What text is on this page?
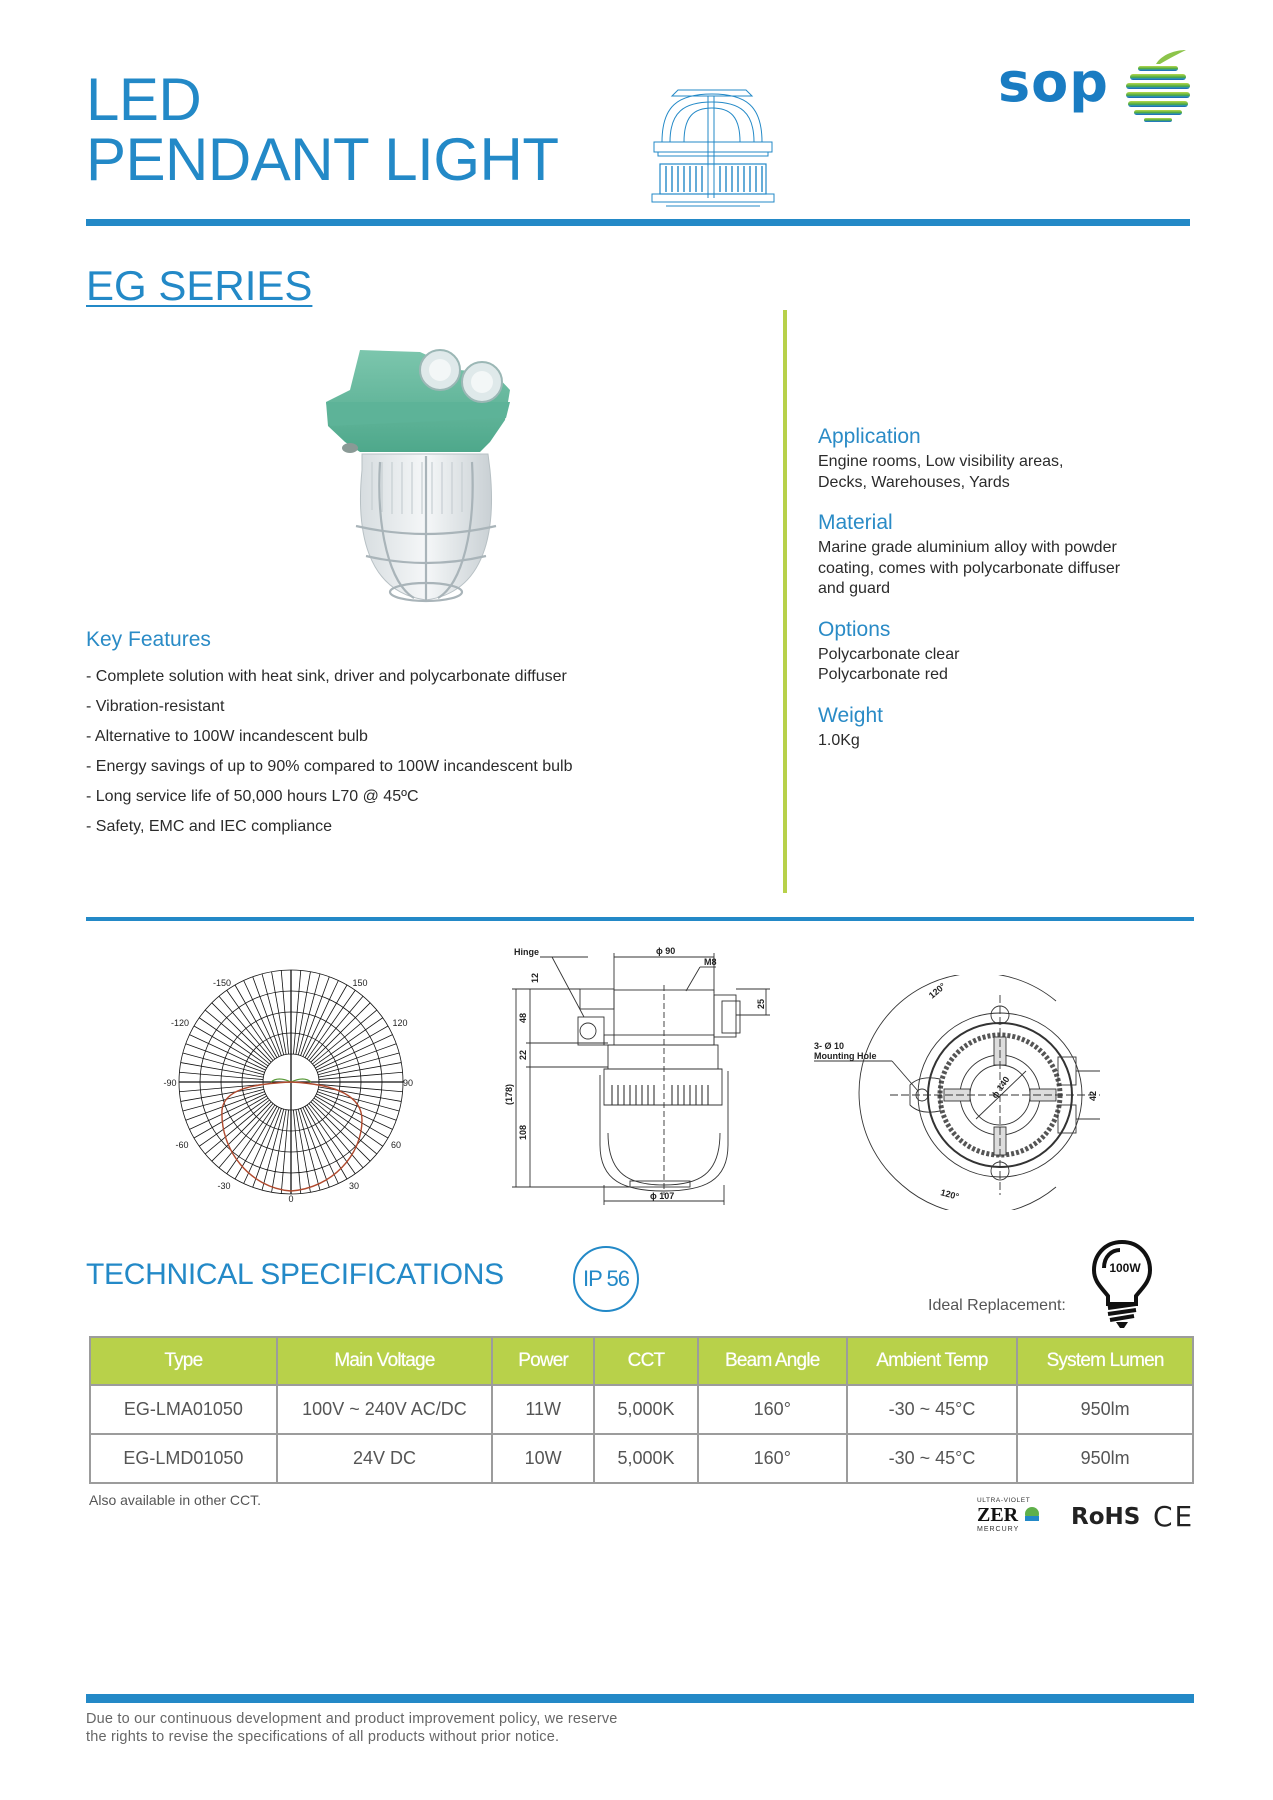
LED
PENDANT LIGHT
sop
EG SERIES
Key Features
- Complete solution with heat sink, driver and polycarbonate diffuser
- Vibration-resistant
- Alternative to 100W incandescent bulb
- Energy savings of up to 90% compared to 100W incandescent bulb
- Long service life of 50,000 hours L70 @ 45ºC
- Safety, EMC and IEC compliance
Application
Engine rooms, Low visibility areas,
Decks, Warehouses, Yards
Material
Marine grade aluminium alloy with powder
coating, comes with polycarbonate diffuser
and guard
Options
Polycarbonate clear
Polycarbonate red
Weight
1.0Kg
-150	150
-120	120
-90	90
-60	60
-30	30
0
Hinge	ϕ 90
M8
12
48
22
(178)
108
25
ϕ 107
3- Ø 10
Mounting Hole
120°
120°
42
ϕ 140
TECHNICAL SPECIFICATIONS	IP 56
Ideal Replacement:
100W
Type	Main Voltage	Power	CCT	Beam Angle	Ambient Temp	System Lumen
EG-LMA01050	100V ~ 240V AC/DC	11W	5,000K	160°	-30 ~ 45°C	950lm
EG-LMD01050	24V DC	10W	5,000K	160°	-30 ~ 45°C	950lm
Also available in other CCT.	ULTRA-VIOLET
ZER
MERCURY RoHS CE
Due to our continuous development and product improvement policy, we reserve
the rights to revise the specifications of all products without prior notice.
